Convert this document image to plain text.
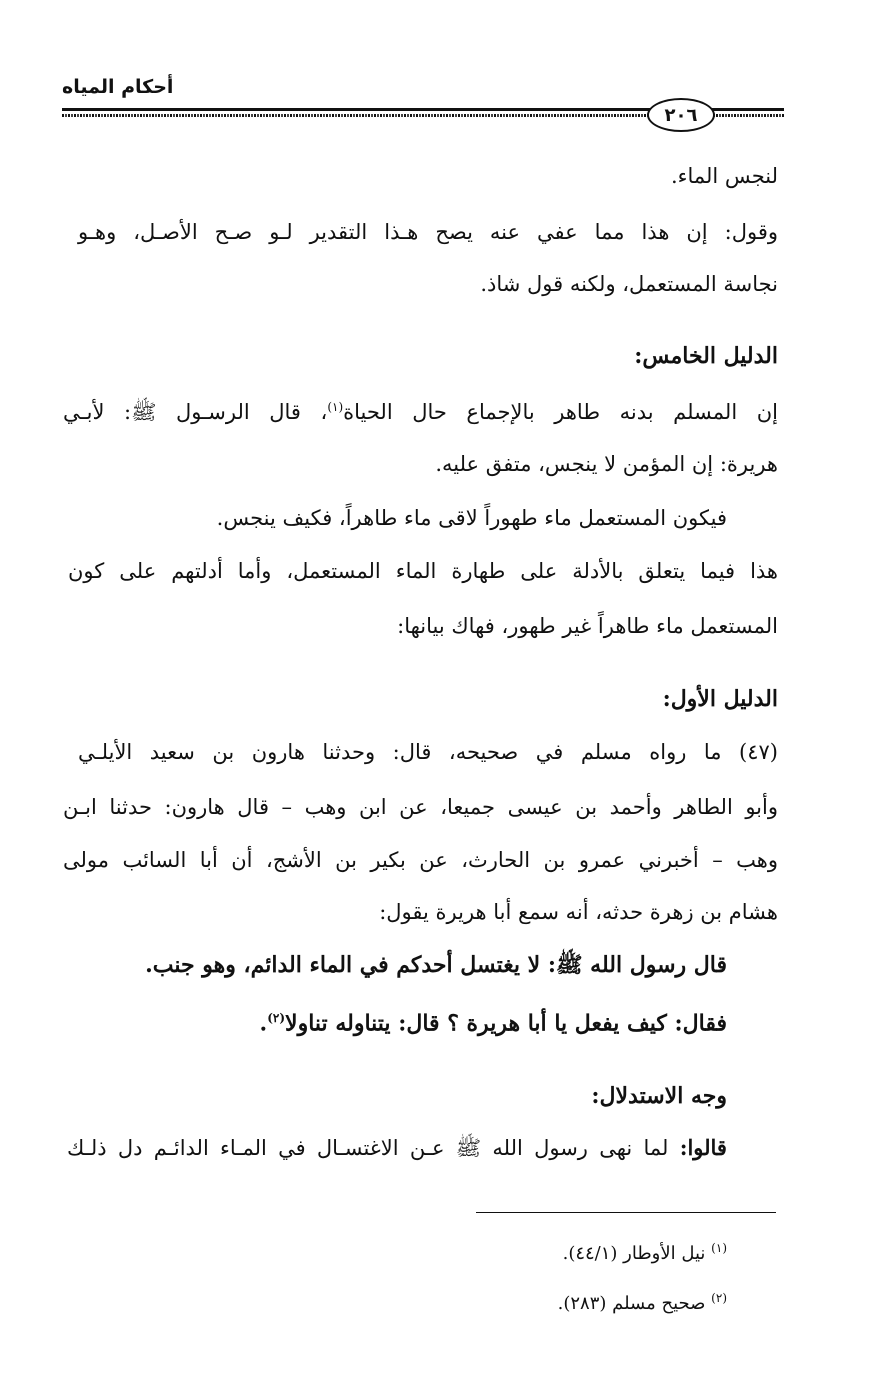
أحكام المياه
٢٠٦
لنجس الماء.
وقول: إن هذا مما عفي عنه يصح هـذا التقدير لـو صـح الأصـل، وهـو
نجاسة المستعمل، ولكنه قول شاذ.
الدليل الخامس:
إن المسلم بدنه طاهر بالإجماع حال الحياة$^{(١)}$، قال الرسـول ﷺ: لأبـي
هريرة: إن المؤمن لا ينجس، متفق عليه.
فيكون المستعمل ماء طهوراً لاقى ماء طاهراً، فكيف ينجس.
هذا فيما يتعلق بالأدلة على طهارة الماء المستعمل، وأما أدلتهم على كون
المستعمل ماء طاهراً غير طهور، فهاك بيانها:
الدليل الأول:
(٤٧) ما رواه مسلم في صحيحه، قال: وحدثنا هارون بن سعيد الأيلـي
وأبو الطاهر وأحمد بن عيسى جميعا، عن ابن وهب – قال هارون: حدثنا ابـن
وهب – أخبرني عمرو بن الحارث، عن بكير بن الأشج، أن أبا السائب مولى
هشام بن زهرة حدثه، أنه سمع أبا هريرة يقول:
قال رسول الله ﷺ: لا يغتسل أحدكم في الماء الدائم، وهو جنب.
فقال: كيف يفعل يا أبا هريرة ؟ قال: يتناوله تناولا$^{(٢)}$.
وجه الاستدلال:
قالوا: لما نهى رسول الله ﷺ عـن الاغتسـال في المـاء الدائـم دل ذلـك
$^{(١)}$ نيل الأوطار (٤٤/١).
$^{(٢)}$ صحيح مسلم (٢٨٣).
